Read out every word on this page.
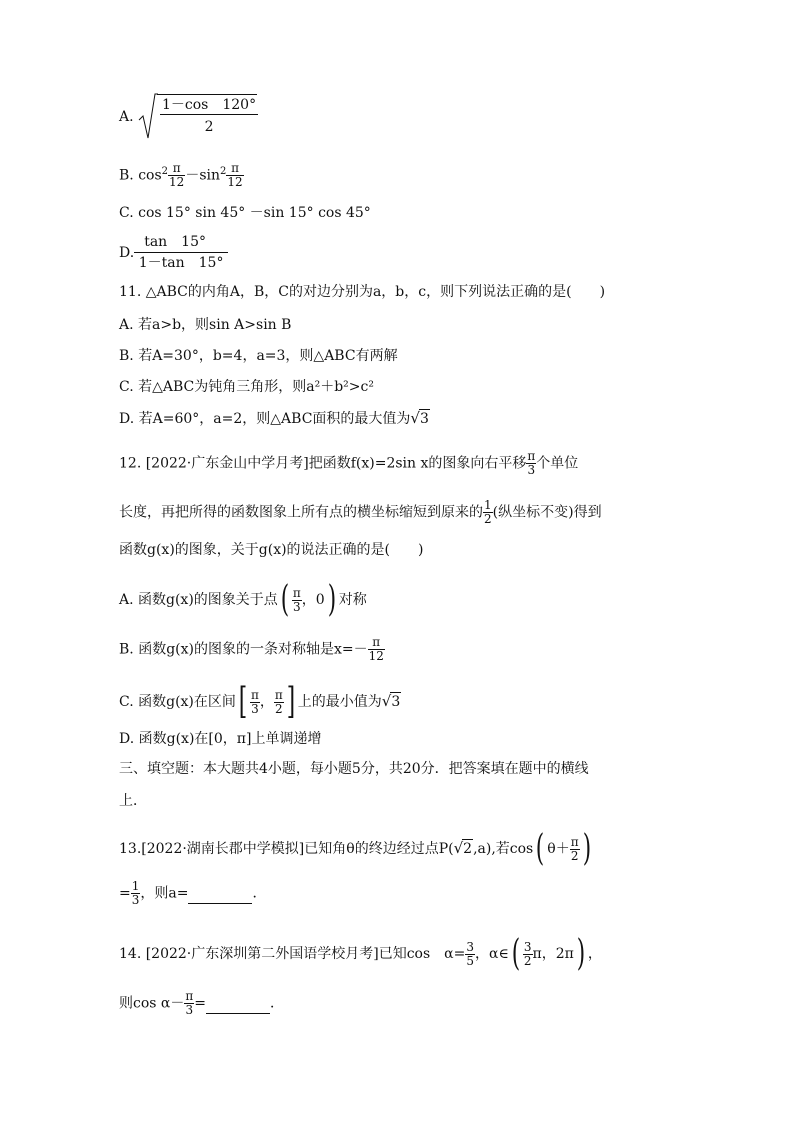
A. $\frac{1-\cos 120^\circ}{2}$
B. $\cos^2 \frac{\pi}{12} -\sin^2 \frac{\pi}{12}$
C. cos 15° sin 45° －sin 15° cos 45°
D. $\frac{\tan 15^\circ}{1-\tan 15^\circ}$
11. △ABC的内角A，B，C的对边分别为a，b，c，则下列说法正确的是(　　)
A. 若a>b，则sin A>sin B
B. 若A=30°，b=4，a=3，则△ABC有两解
C. 若△ABC为钝角三角形，则a²＋b²>c²
D. 若A=60°，a=2，则△ABC面积的最大值为√3
12. [2022·广东金山中学月考]把函数f(x)=2sin x的图象向右平移 $\frac{\pi}{3}$ 个单位
长度，再把所得的函数图象上所有点的横坐标缩短到原来的 $\frac{1}{2}$ (纵坐标不变)得到
函数g(x)的图象，关于g(x)的说法正确的是(　　)
A. 函数g(x)的图象关于点( $\frac{\pi}{3}$ ，0) 对称
B. 函数g(x)的图象的一条对称轴是$x=- \frac{\pi}{12}$
C. 函数g(x)在区间[ $\frac{\pi}{3}$ ， $\frac{\pi}{2}$ ] 上的最小值为√3
D. 函数g(x)在[0，π]上单调递增
三、填空题：本大题共4小题，每小题5分，共20分．把答案填在题中的横线
上．
13.[2022·湖南长郡中学模拟]已知角θ的终边经过点P(√2,a),若cos( $\theta+ \frac{\pi}{2}$ )
= $\frac{1}{3}$ ，则a=	．
14. [2022·广东深圳第二外国语学校月考]已知cos　$\alpha= \frac{3}{5}$ ，α∈( $\frac{3}{2}$ π，2π) ，
则$\cos \alpha- \frac{\pi}{3}$ =	．
